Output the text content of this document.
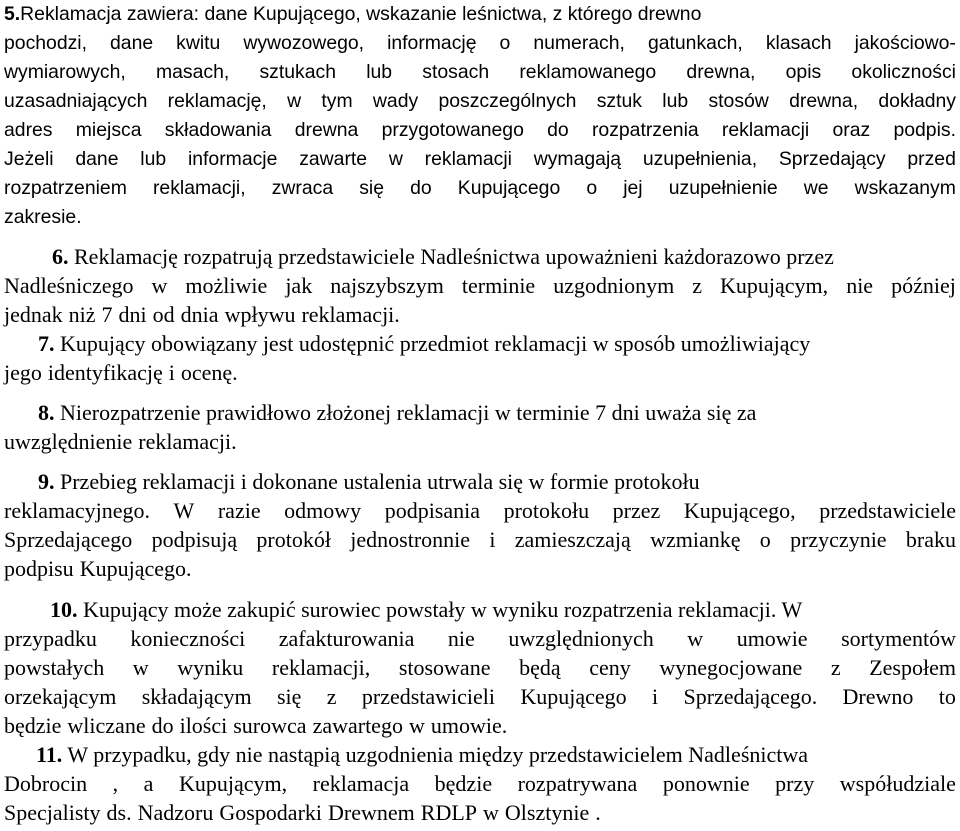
5.Reklamacja zawiera: dane Kupującego, wskazanie leśnictwa, z którego drewno
pochodzi, dane kwitu wywozowego, informację o numerach, gatunkach, klasach jakościowo-
wymiarowych, masach, sztukach lub stosach reklamowanego drewna, opis okoliczności
uzasadniających reklamację, w tym wady poszczególnych sztuk lub stosów drewna, dokładny
adres miejsca składowania drewna przygotowanego do rozpatrzenia reklamacji oraz podpis.
Jeżeli dane lub informacje zawarte w reklamacji wymagają uzupełnienia, Sprzedający przed
rozpatrzeniem reklamacji, zwraca się do Kupującego o jej uzupełnienie we wskazanym
zakresie.
6. Reklamację rozpatrują przedstawiciele Nadleśnictwa upoważnieni każdorazowo przez
Nadleśniczego w możliwie jak najszybszym terminie uzgodnionym z Kupującym, nie później
jednak niż 7 dni od dnia wpływu reklamacji.
7. Kupujący obowiązany jest udostępnić przedmiot reklamacji w sposób umożliwiający
jego identyfikację i ocenę.
8. Nierozpatrzenie prawidłowo złożonej reklamacji w terminie 7 dni uważa się za
uwzględnienie reklamacji.
9. Przebieg reklamacji i dokonane ustalenia utrwala się w formie protokołu
reklamacyjnego. W razie odmowy podpisania protokołu przez Kupującego, przedstawiciele
Sprzedającego podpisują protokół jednostronnie i zamieszczają wzmiankę o przyczynie braku
podpisu Kupującego.
10. Kupujący może zakupić surowiec powstały w wyniku rozpatrzenia reklamacji. W
przypadku konieczności zafakturowania nie uwzględnionych w umowie sortymentów
powstałych w wyniku reklamacji, stosowane będą ceny wynegocjowane z Zespołem
orzekającym składającym się z przedstawicieli Kupującego i Sprzedającego. Drewno to
będzie wliczane do ilości surowca zawartego w umowie.
11. W przypadku, gdy nie nastąpią uzgodnienia między przedstawicielem Nadleśnictwa
Dobrocin , a Kupującym, reklamacja będzie rozpatrywana ponownie przy współudziale
Specjalisty ds. Nadzoru Gospodarki Drewnem RDLP w Olsztynie .
